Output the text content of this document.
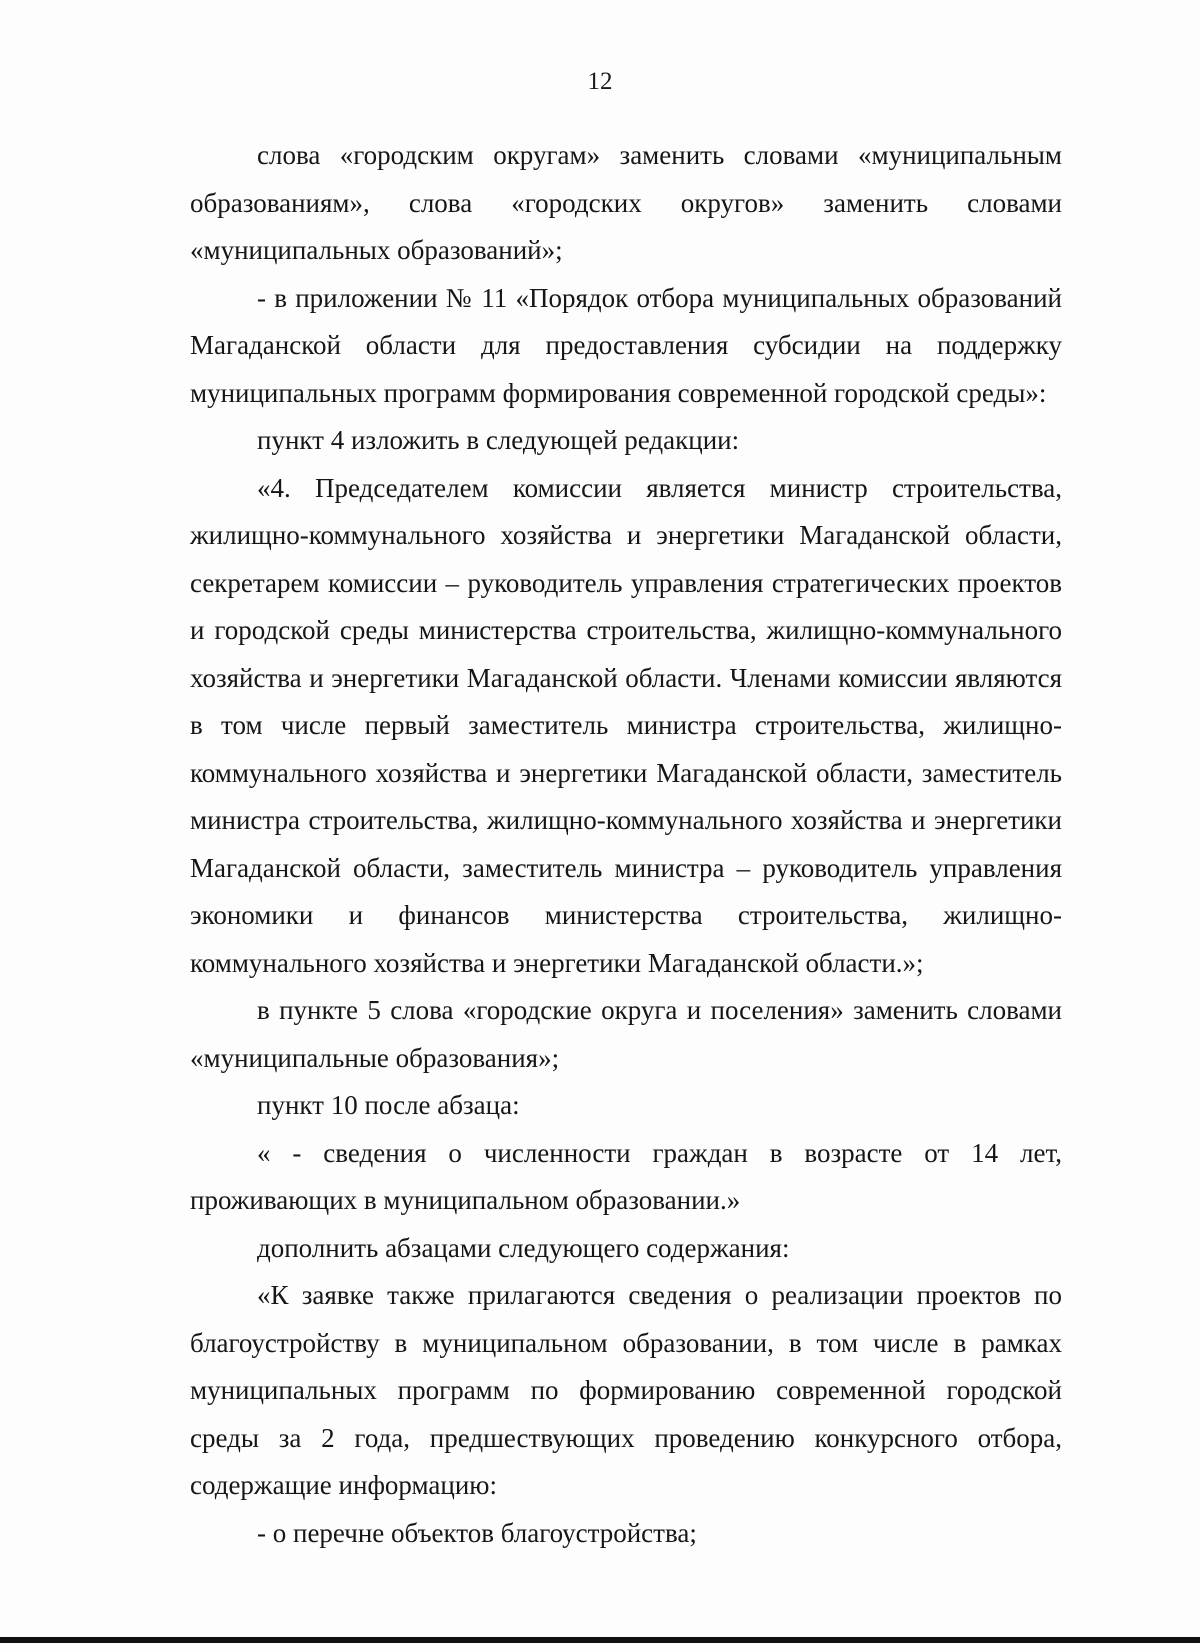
12

слова «городским округам» заменить словами «муниципальным образованиям», слова «городских округов» заменить словами «муниципальных образований»;

- в приложении № 11 «Порядок отбора муниципальных образований Магаданской области для предоставления субсидии на поддержку муниципальных программ формирования современной городской среды»:

пункт 4 изложить в следующей редакции:

«4. Председателем комиссии является министр строительства, жилищно-коммунального хозяйства и энергетики Магаданской области, секретарем комиссии – руководитель управления стратегических проектов и городской среды министерства строительства, жилищно-коммунального хозяйства и энергетики Магаданской области. Членами комиссии являются в том числе первый заместитель министра строительства, жилищно-коммунального хозяйства и энергетики Магаданской области, заместитель министра строительства, жилищно-коммунального хозяйства и энергетики Магаданской области, заместитель министра – руководитель управления экономики и финансов министерства строительства, жилищно-коммунального хозяйства и энергетики Магаданской области.»;

в пункте 5 слова «городские округа и поселения» заменить словами «муниципальные образования»;

пункт 10 после абзаца:

« - сведения о численности граждан в возрасте от 14 лет, проживающих в муниципальном образовании.»

дополнить абзацами следующего содержания:

«К заявке также прилагаются сведения о реализации проектов по благоустройству в муниципальном образовании, в том числе в рамках муниципальных программ по формированию современной городской среды за 2 года, предшествующих проведению конкурсного отбора, содержащие информацию:

- о перечне объектов благоустройства;
